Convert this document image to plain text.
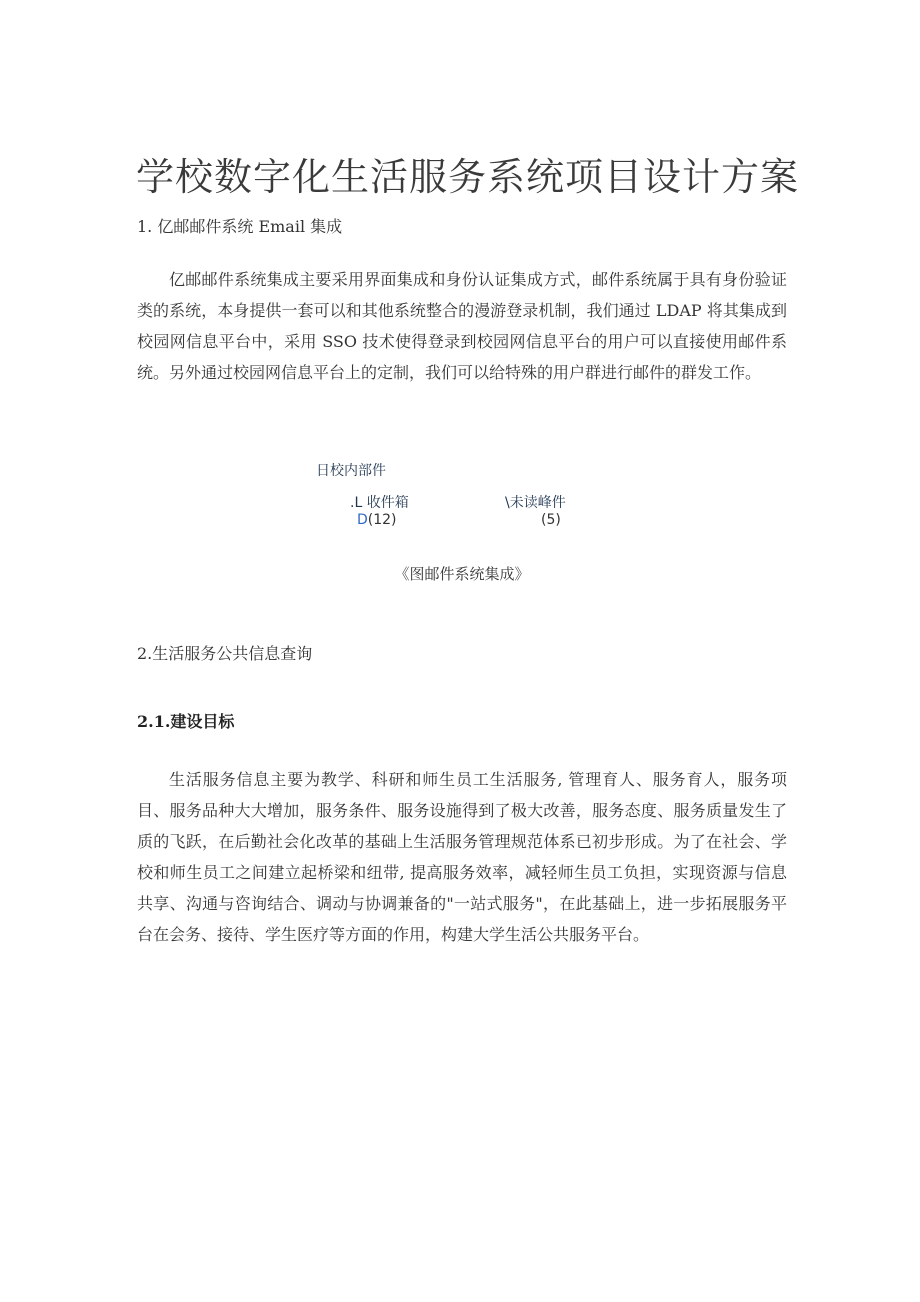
学校数字化生活服务系统项目设计方案

1. 亿邮邮件系统 Email 集成

亿邮邮件系统集成主要采用界面集成和身份认证集成方式，邮件系统属于具有身份验证类的系统，本身提供一套可以和其他系统整合的漫游登录机制，我们通过 LDAP 将其集成到校园网信息平台中，采用 SSO 技术使得登录到校园网信息平台的用户可以直接使用邮件系统。另外通过校园网信息平台上的定制，我们可以给特殊的用户群进行邮件的群发工作。

日校内部件
.L 收件箱	\未读峰件
D(12)	(5)

《图邮件系统集成》

2.生活服务公共信息查询

2.1.建设目标

生活服务信息主要为教学、科研和师生员工生活服务, 管理育人、服务育人，服务项目、服务品种大大增加，服务条件、服务设施得到了极大改善，服务态度、服务质量发生了质的飞跃，在后勤社会化改革的基础上生活服务管理规范体系已初步形成。为了在社会、学校和师生员工之间建立起桥梁和纽带, 提高服务效率，减轻师生员工负担，实现资源与信息共享、沟通与咨询结合、调动与协调兼备的"一站式服务"，在此基础上，进一步拓展服务平台在会务、接待、学生医疗等方面的作用，构建大学生活公共服务平台。
